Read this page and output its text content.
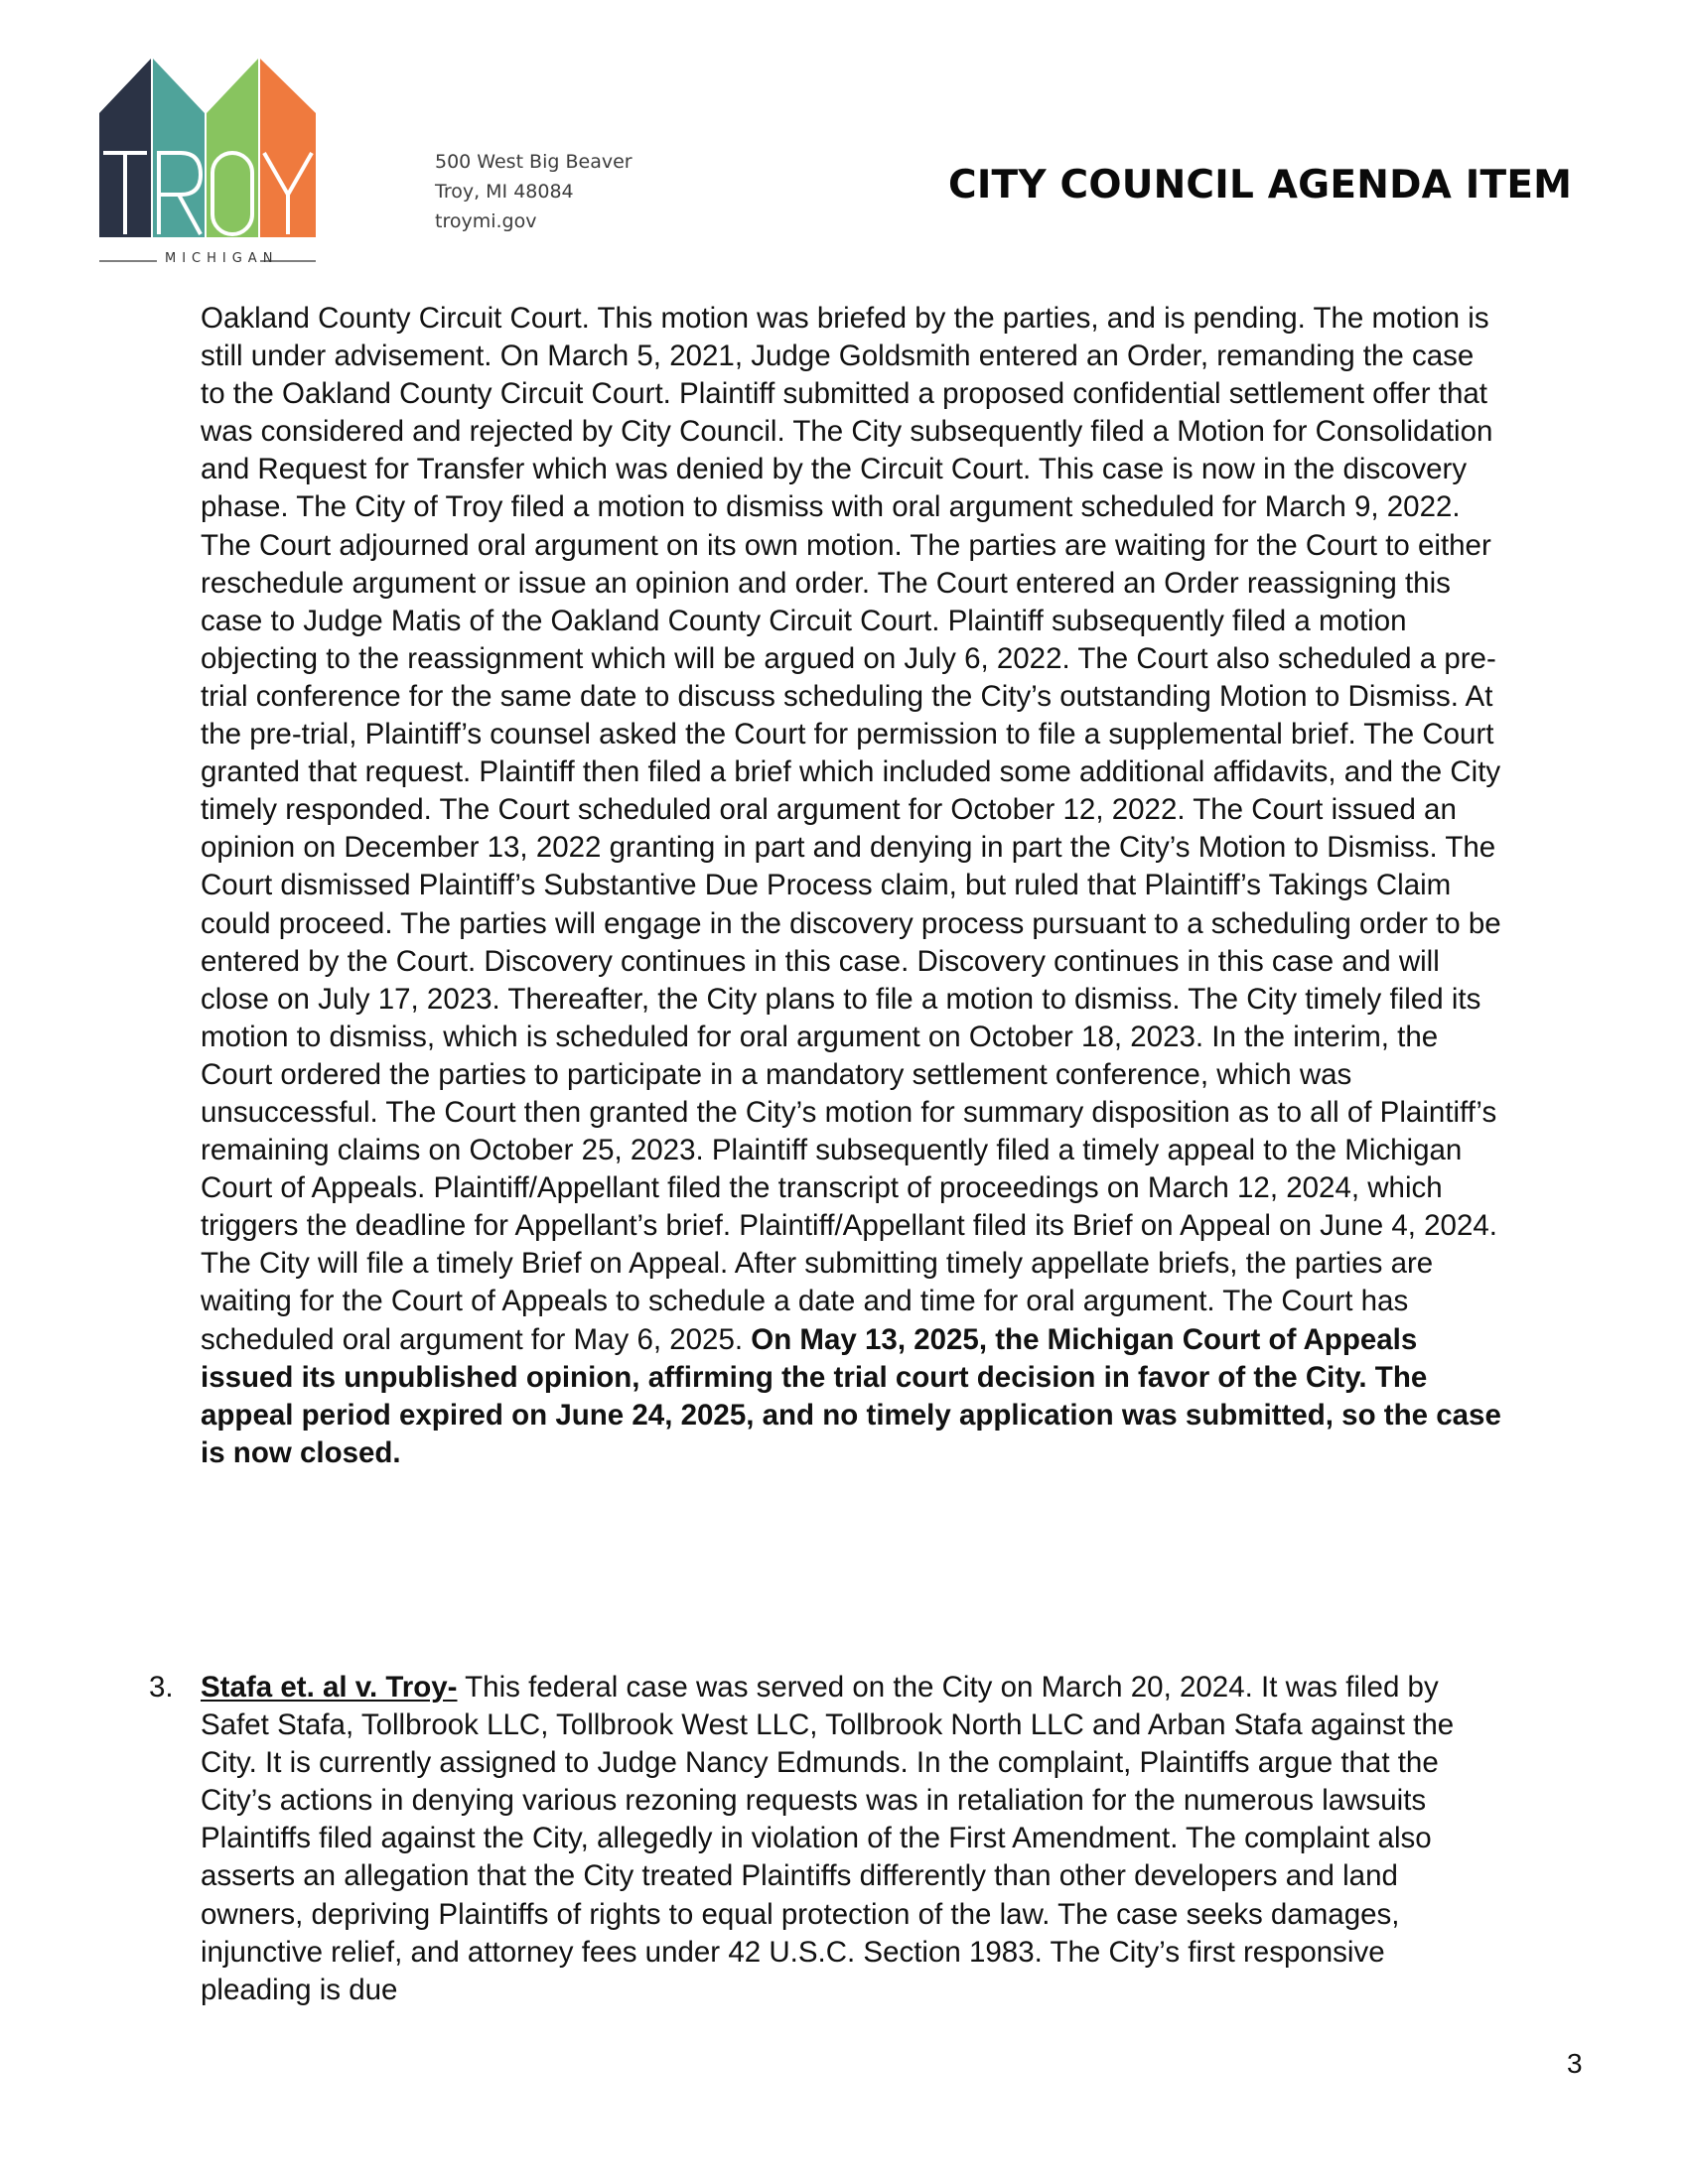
MICHIGAN
500 West Big Beaver
Troy, MI 48084
troymi.gov
CITY COUNCIL AGENDA ITEM

Oakland County Circuit Court. This motion was briefed by the parties, and is pending. The motion is still under advisement. On March 5, 2021, Judge Goldsmith entered an Order, remanding the case to the Oakland County Circuit Court. Plaintiff submitted a proposed confidential settlement offer that was considered and rejected by City Council. The City subsequently filed a Motion for Consolidation and Request for Transfer which was denied by the Circuit Court. This case is now in the discovery phase. The City of Troy filed a motion to dismiss with oral argument scheduled for March 9, 2022. The Court adjourned oral argument on its own motion. The parties are waiting for the Court to either reschedule argument or issue an opinion and order. The Court entered an Order reassigning this case to Judge Matis of the Oakland County Circuit Court. Plaintiff subsequently filed a motion objecting to the reassignment which will be argued on July 6, 2022. The Court also scheduled a pre-trial conference for the same date to discuss scheduling the City’s outstanding Motion to Dismiss. At the pre-trial, Plaintiff’s counsel asked the Court for permission to file a supplemental brief. The Court granted that request. Plaintiff then filed a brief which included some additional affidavits, and the City timely responded. The Court scheduled oral argument for October 12, 2022. The Court issued an opinion on December 13, 2022 granting in part and denying in part the City’s Motion to Dismiss. The Court dismissed Plaintiff’s Substantive Due Process claim, but ruled that Plaintiff’s Takings Claim could proceed. The parties will engage in the discovery process pursuant to a scheduling order to be entered by the Court. Discovery continues in this case. Discovery continues in this case and will close on July 17, 2023. Thereafter, the City plans to file a motion to dismiss. The City timely filed its motion to dismiss, which is scheduled for oral argument on October 18, 2023. In the interim, the Court ordered the parties to participate in a mandatory settlement conference, which was unsuccessful. The Court then granted the City’s motion for summary disposition as to all of Plaintiff’s remaining claims on October 25, 2023. Plaintiff subsequently filed a timely appeal to the Michigan Court of Appeals. Plaintiff/Appellant filed the transcript of proceedings on March 12, 2024, which triggers the deadline for Appellant’s brief. Plaintiff/Appellant filed its Brief on Appeal on June 4, 2024. The City will file a timely Brief on Appeal. After submitting timely appellate briefs, the parties are waiting for the Court of Appeals to schedule a date and time for oral argument. The Court has scheduled oral argument for May 6, 2025. On May 13, 2025, the Michigan Court of Appeals issued its unpublished opinion, affirming the trial court decision in favor of the City. The appeal period expired on June 24, 2025, and no timely application was submitted, so the case is now closed.

3. Stafa et. al v. Troy- This federal case was served on the City on March 20, 2024. It was filed by Safet Stafa, Tollbrook LLC, Tollbrook West LLC, Tollbrook North LLC and Arban Stafa against the City. It is currently assigned to Judge Nancy Edmunds. In the complaint, Plaintiffs argue that the City’s actions in denying various rezoning requests was in retaliation for the numerous lawsuits Plaintiffs filed against the City, allegedly in violation of the First Amendment. The complaint also asserts an allegation that the City treated Plaintiffs differently than other developers and land owners, depriving Plaintiffs of rights to equal protection of the law. The case seeks damages, injunctive relief, and attorney fees under 42 U.S.C. Section 1983. The City’s first responsive pleading is due
3
